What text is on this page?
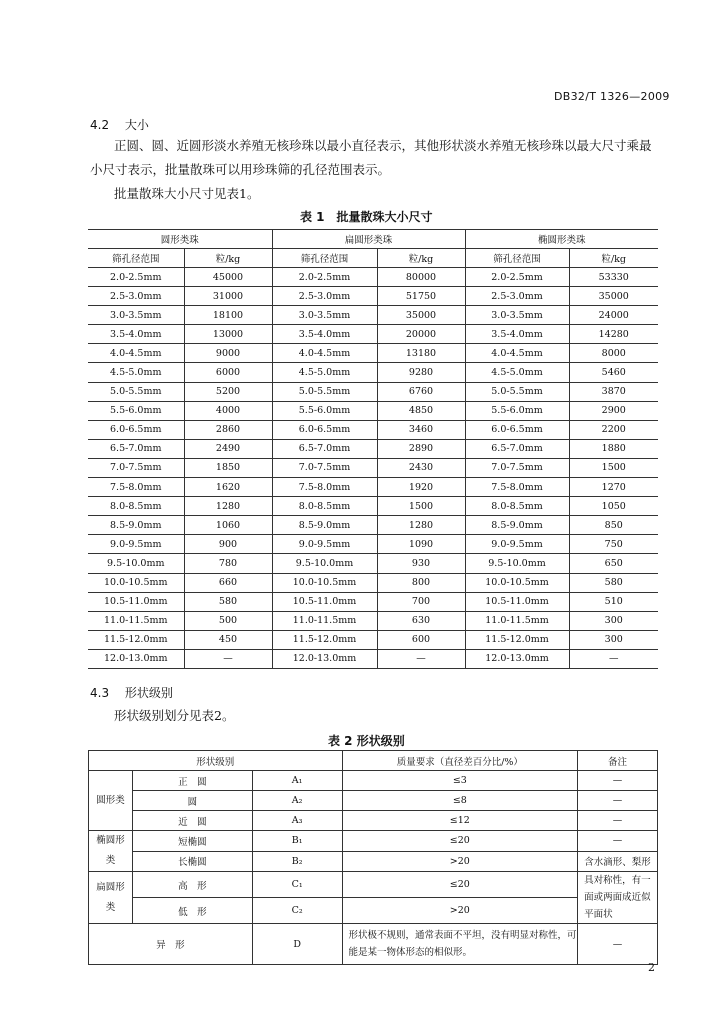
DB32/T 1326—2009
4.2 大小
正圆、圆、近圆形淡水养殖无核珍珠以最小直径表示，其他形状淡水养殖无核珍珠以最大尺寸乘最
小尺寸表示，批量散珠可以用珍珠筛的孔径范围表示。
批量散珠大小尺寸见表1。
表 1　批量散珠大小尺寸
圆形类珠		扁圆形类珠		椭圆形类珠	
筛孔径范围	粒/kg	筛孔径范围	粒/kg	筛孔径范围	粒/kg
2.0-2.5mm	45000	2.0-2.5mm	80000	2.0-2.5mm	53330
2.5-3.0mm	31000	2.5-3.0mm	51750	2.5-3.0mm	35000
3.0-3.5mm	18100	3.0-3.5mm	35000	3.0-3.5mm	24000
3.5-4.0mm	13000	3.5-4.0mm	20000	3.5-4.0mm	14280
4.0-4.5mm	9000	4.0-4.5mm	13180	4.0-4.5mm	8000
4.5-5.0mm	6000	4.5-5.0mm	9280	4.5-5.0mm	5460
5.0-5.5mm	5200	5.0-5.5mm	6760	5.0-5.5mm	3870
5.5-6.0mm	4000	5.5-6.0mm	4850	5.5-6.0mm	2900
6.0-6.5mm	2860	6.0-6.5mm	3460	6.0-6.5mm	2200
6.5-7.0mm	2490	6.5-7.0mm	2890	6.5-7.0mm	1880
7.0-7.5mm	1850	7.0-7.5mm	2430	7.0-7.5mm	1500
7.5-8.0mm	1620	7.5-8.0mm	1920	7.5-8.0mm	1270
8.0-8.5mm	1280	8.0-8.5mm	1500	8.0-8.5mm	1050
8.5-9.0mm	1060	8.5-9.0mm	1280	8.5-9.0mm	850
9.0-9.5mm	900	9.0-9.5mm	1090	9.0-9.5mm	750
9.5-10.0mm	780	9.5-10.0mm	930	9.5-10.0mm	650
10.0-10.5mm	660	10.0-10.5mm	800	10.0-10.5mm	580
10.5-11.0mm	580	10.5-11.0mm	700	10.5-11.0mm	510
11.0-11.5mm	500	11.0-11.5mm	630	11.0-11.5mm	300
11.5-12.0mm	450	11.5-12.0mm	600	11.5-12.0mm	300
12.0-13.0mm	—	12.0-13.0mm	—	12.0-13.0mm	—
4.3 形状级别
形状级别划分见表2。
表 2 形状级别
形状级别			质量要求（直径差百分比/%）	备注
圆形类	正　圆	A₁	≤3	—
	圆	A₂	≤8	—
	近　圆	A₃	≤12	—
椭圆形类	短椭圆	B₁	≤20	—
	长椭圆	B₂	>20	含水滴形、梨形
扁圆形类	高　形	C₁	≤20	具对称性，有一面或两面成近似平面状
	低　形	C₂	>20	
异　形		D	形状极不规则，通常表面不平坦，没有明显对称性，可能是某一物体形态的相似形。	—
2
